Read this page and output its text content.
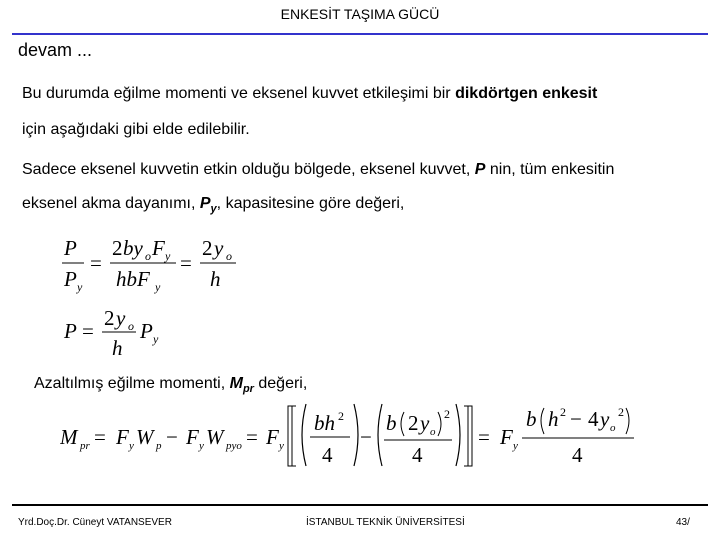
ENKESİT TAŞIMA GÜCÜ
devam ...
Bu durumda eğilme momenti ve eksenel kuvvet etkileşimi bir dikdörtgen enkesit
için aşağıdaki gibi elde edilebilir.
Sadece eksenel kuvvetin etkin olduğu bölgede, eksenel kuvvet, P nin, tüm enkesitin
eksenel akma dayanımı, $P_y$, kapasitesine göre değeri,
P
P y
=
2 by o F y
hbF y
=
2 y o
h
P =
2 y o
h
P y
Azaltılmış eğilme momenti, $M_{pr}$ değeri,
M pr = F y W p − F y W pyo = F y
bh 2
4
−
b 2 y o
2
4
= F y
b h 2 − 4 y o
2
4
Yrd.Doç.Dr. Cüneyt VATANSEVER	İSTANBUL TEKNİK ÜNİVERSİTESİ	43/
